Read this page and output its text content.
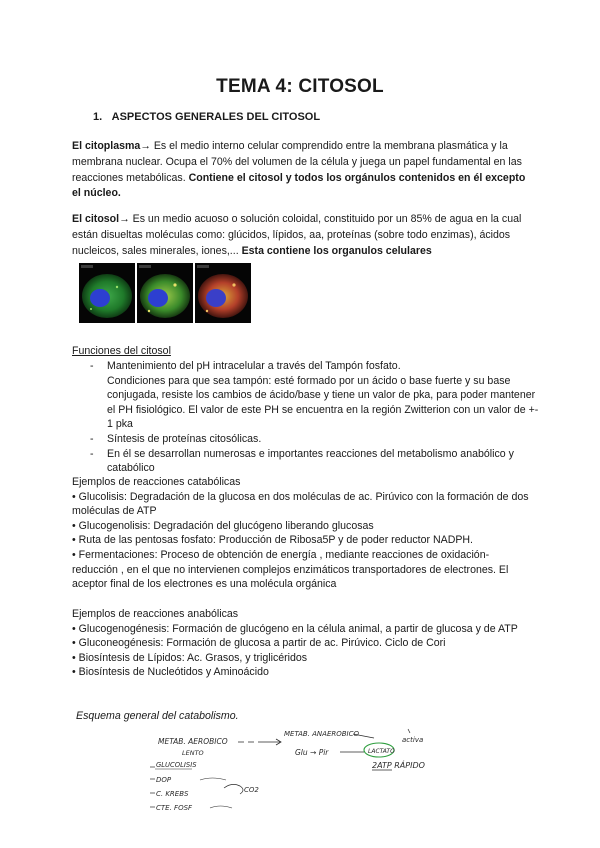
TEMA 4: CITOSOL
1. ASPECTOS GENERALES DEL CITOSOL
El citoplasma→ Es el medio interno celular comprendido entre la membrana plasmática y la membrana nuclear. Ocupa el 70% del volumen de la célula y juega un papel fundamental en las reacciones metabólicas. Contiene el citosol y todos los orgánulos contenidos en él excepto el núcleo.
El citosol→ Es un medio acuoso o solución coloidal, constituido por un 85% de agua en la cual están disueltas moléculas como: glúcidos, lípidos, aa, proteínas (sobre todo enzimas), ácidos nucleicos, sales minerales, iones,... Esta contiene los organulos celulares
Funciones del citosol
- Mantenimiento del pH intracelular a través del Tampón fosfato.
Condiciones para que sea tampón: esté formado por un ácido o base fuerte y su base conjugada, resiste los cambios de ácido/base y tiene un valor de pka, para poder mantener el PH fisiológico. El valor de este PH se encuentra en la región Zwitterion con un valor de +- 1 pka
- Síntesis de proteínas citosólicas.
- En él se desarrollan numerosas e importantes reacciones del metabolismo anabólico y catabólico
Ejemplos de reacciones catabólicas
• Glucolisis: Degradación de la glucosa en dos moléculas de ac. Pirúvico con la formación de dos moléculas de ATP
• Glucogenolisis: Degradación del glucógeno liberando glucosas
• Ruta de las pentosas fosfato: Producción de Ribosa5P y de poder reductor NADPH.
• Fermentaciones: Proceso de obtención de energía , mediante reacciones de oxidación-reducción , en el que no intervienen complejos enzimáticos transportadores de electrones. El aceptor final de los electrones es una molécula orgánica
Ejemplos de reacciones anabólicas
• Glucogenogénesis: Formación de glucógeno en la célula animal, a partir de glucosa y de ATP
• Gluconeogénesis: Formación de glucosa a partir de ac. Pirúvico. Ciclo de Cori
• Biosíntesis de Lípidos: Ac. Grasos, y triglicéridos
• Biosíntesis de Nucleótidos y Aminoácido
Esquema general del catabolismo.
METAB. AEROBICO
METAB. ANAEROBICO
Glu → Pir	LACTATO
activa
2ATP RÁPIDO
LENTO
GLUCOLISIS
DOP
C. KREBS	CO2
CTE. FOSF
